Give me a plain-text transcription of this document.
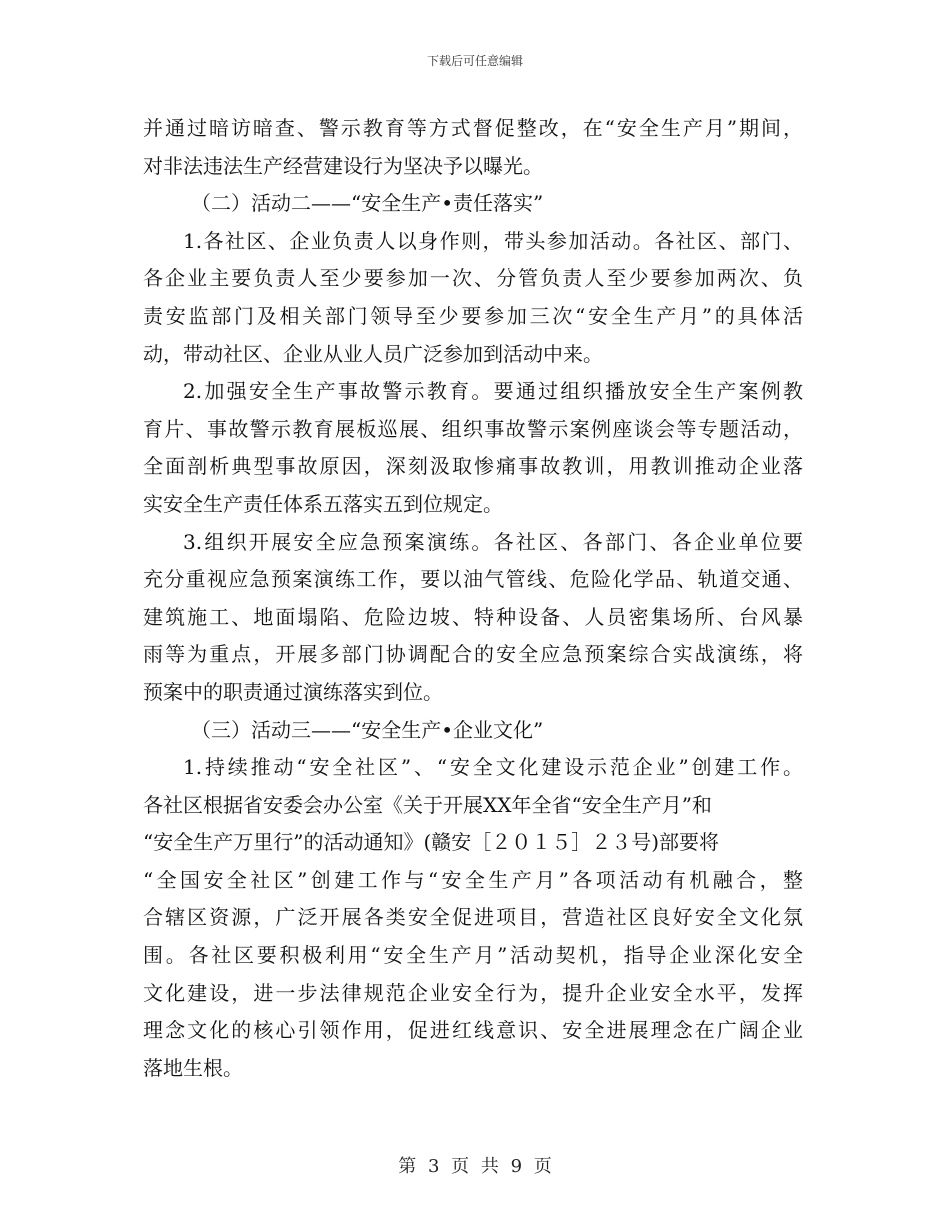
下载后可任意编辑
并通过暗访暗查、警示教育等方式督促整改，在“安全生产月”期间，
对非法违法生产经营建设行为坚决予以曝光。
（二）活动二——“安全生产•责任落实”
1.各社区、企业负责人以身作则，带头参加活动。各社区、部门、
各企业主要负责人至少要参加一次、分管负责人至少要参加两次、负
责安监部门及相关部门领导至少要参加三次“安全生产月”的具体活
动，带动社区、企业从业人员广泛参加到活动中来。
2.加强安全生产事故警示教育。要通过组织播放安全生产案例教
育片、事故警示教育展板巡展、组织事故警示案例座谈会等专题活动，
全面剖析典型事故原因，深刻汲取惨痛事故教训，用教训推动企业落
实安全生产责任体系五落实五到位规定。
3.组织开展安全应急预案演练。各社区、各部门、各企业单位要
充分重视应急预案演练工作，要以油气管线、危险化学品、轨道交通、
建筑施工、地面塌陷、危险边坡、特种设备、人员密集场所、台风暴
雨等为重点，开展多部门协调配合的安全应急预案综合实战演练，将
预案中的职责通过演练落实到位。
（三）活动三——“安全生产•企业文化”
1.持续推动“安全社区”、“安全文化建设示范企业”创建工作。
各社区根据省安委会办公室《关于开展XX年全省“安全生产月”和
“安全生产万里行”的活动通知》(赣安［２０１５］２３号)部要将
“全国安全社区”创建工作与“安全生产月”各项活动有机融合，整
合辖区资源，广泛开展各类安全促进项目，营造社区良好安全文化氛
围。各社区要积极利用“安全生产月”活动契机，指导企业深化安全
文化建设，进一步法律规范企业安全行为，提升企业安全水平，发挥
理念文化的核心引领作用，促进红线意识、安全进展理念在广阔企业
落地生根。
第 3 页 共 9 页
